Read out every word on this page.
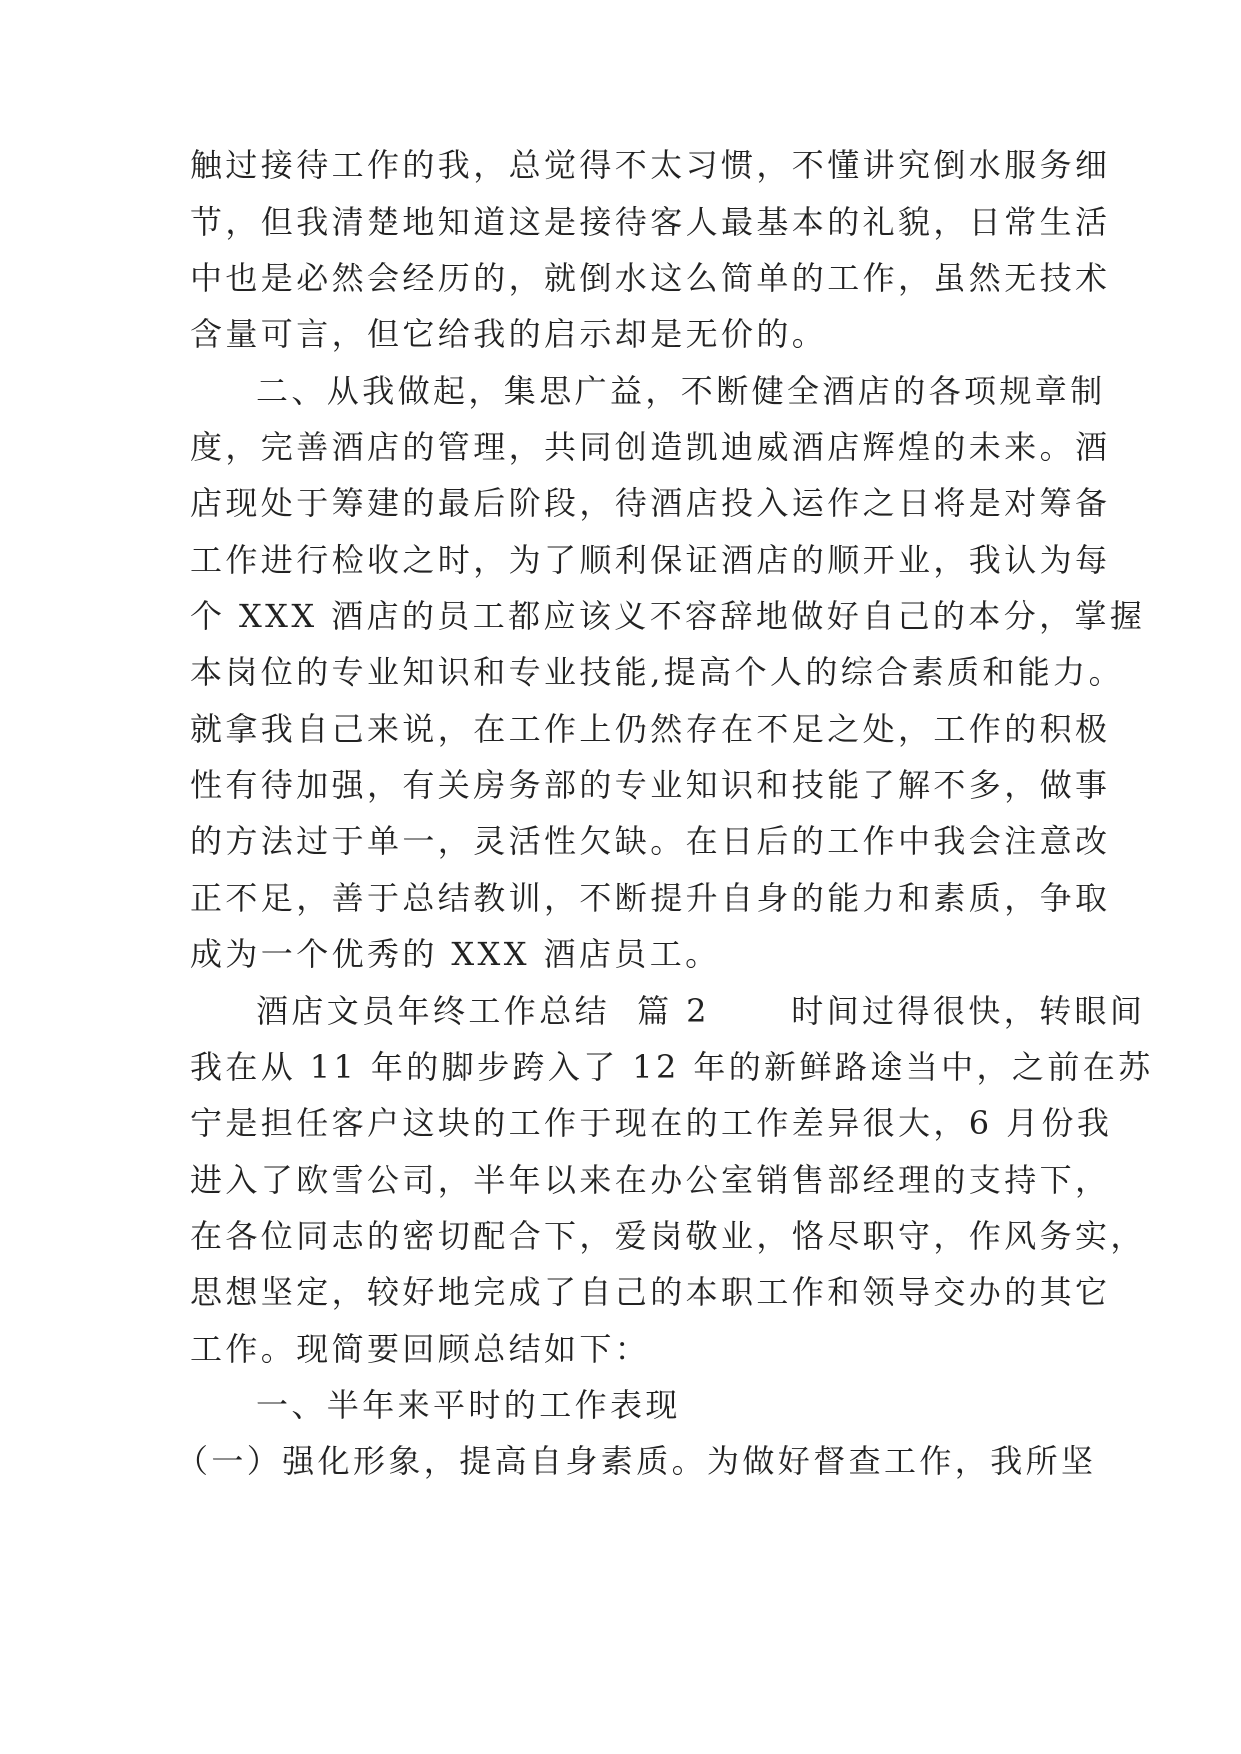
触过接待工作的我，总觉得不太习惯，不懂讲究倒水服务细
节，但我清楚地知道这是接待客人最基本的礼貌，日常生活
中也是必然会经历的，就倒水这么简单的工作，虽然无技术
含量可言，但它给我的启示却是无价的。
二、从我做起，集思广益，不断健全酒店的各项规章制
度，完善酒店的管理，共同创造凯迪威酒店辉煌的未来。酒
店现处于筹建的最后阶段，待酒店投入运作之日将是对筹备
工作进行检收之时，为了顺利保证酒店的顺开业，我认为每
个 XXX 酒店的员工都应该义不容辞地做好自己的本分，掌握
本岗位的专业知识和专业技能,提高个人的综合素质和能力。
就拿我自己来说，在工作上仍然存在不足之处，工作的积极
性有待加强，有关房务部的专业知识和技能了解不多，做事
的方法过于单一，灵活性欠缺。在日后的工作中我会注意改
正不足，善于总结教训，不断提升自身的能力和素质，争取
成为一个优秀的 XXX 酒店员工。
酒店文员年终工作总结  篇 2      时间过得很快，转眼间
我在从 11 年的脚步跨入了 12 年的新鲜路途当中，之前在苏
宁是担任客户这块的工作于现在的工作差异很大，6 月份我
进入了欧雪公司，半年以来在办公室销售部经理的支持下，
在各位同志的密切配合下，爱岗敬业，恪尽职守，作风务实，
思想坚定，较好地完成了自己的本职工作和领导交办的其它
工作。现简要回顾总结如下：
一、半年来平时的工作表现
（一）强化形象，提高自身素质。为做好督查工作，我所坚
